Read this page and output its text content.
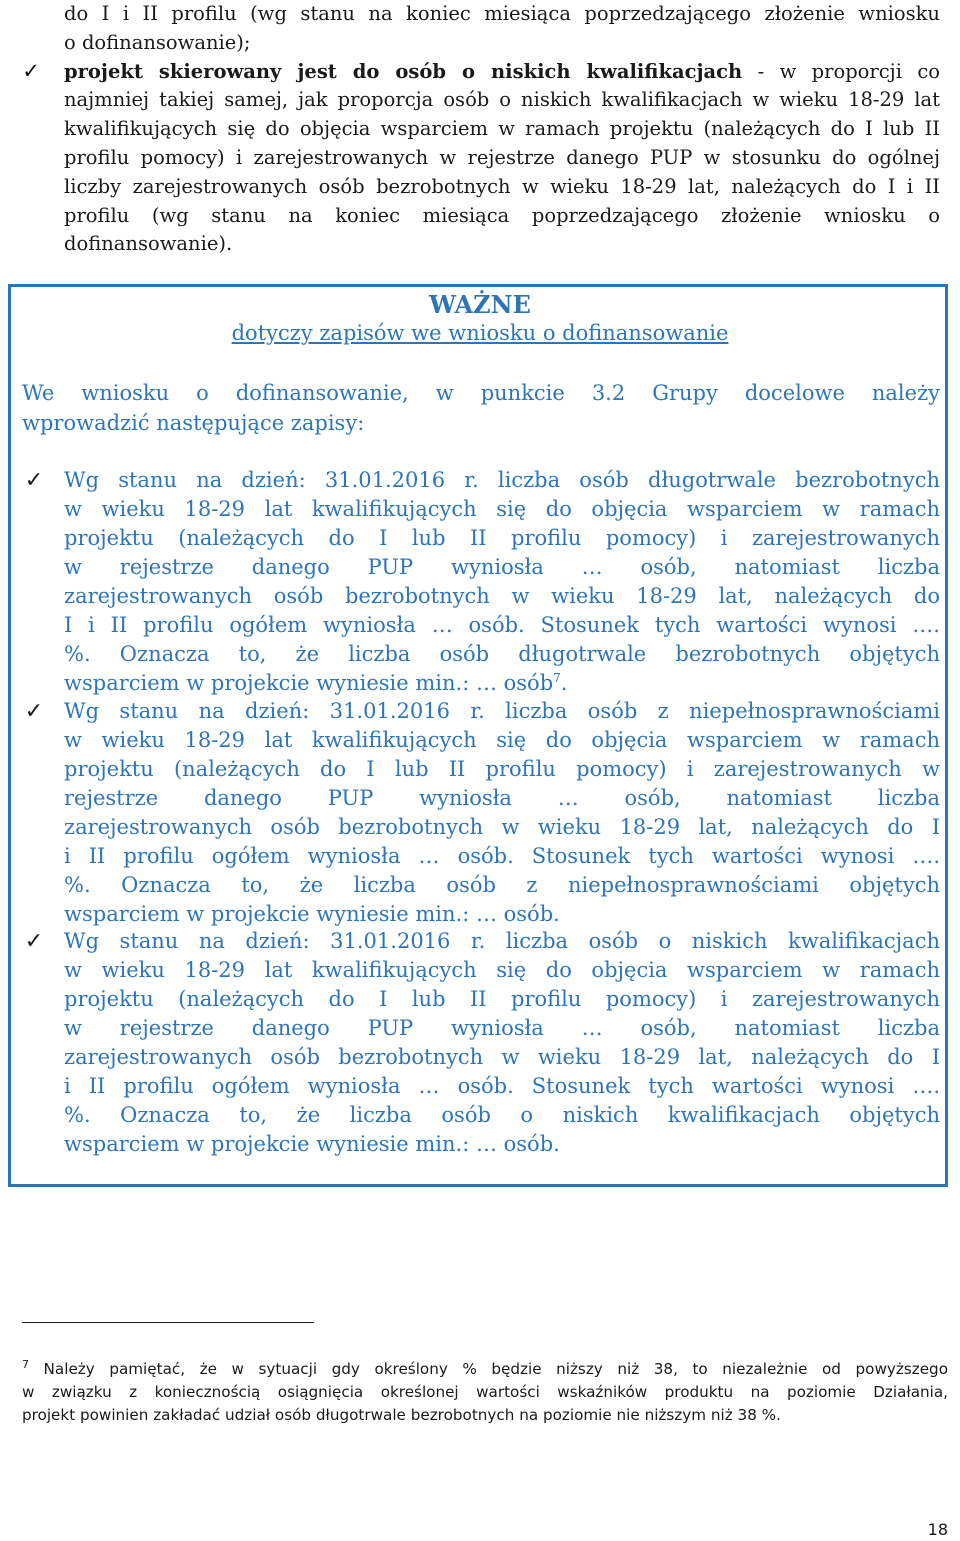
do I i II profilu (wg stanu na koniec miesiąca poprzedzającego złożenie wniosku
o dofinansowanie);
projekt skierowany jest do osób o niskich kwalifikacjach - w proporcji co
najmniej takiej samej, jak proporcja osób o niskich kwalifikacjach w wieku 18-29 lat
kwalifikujących się do objęcia wsparciem w ramach projektu (należących do I lub II
profilu pomocy) i zarejestrowanych w rejestrze danego PUP w stosunku do ogólnej
liczby zarejestrowanych osób bezrobotnych w wieku 18-29 lat, należących do I i II
profilu (wg stanu na koniec miesiąca poprzedzającego złożenie wniosku o
dofinansowanie).
✓
WAŻNE
dotyczy zapisów we wniosku o dofinansowanie
We wniosku o dofinansowanie, w punkcie 3.2 Grupy docelowe należy
wprowadzić następujące zapisy:
✓ Wg stanu na dzień: 31.01.2016 r. liczba osób długotrwale bezrobotnych
w wieku 18-29 lat kwalifikujących się do objęcia wsparciem w ramach
projektu (należących do I lub II profilu pomocy) i zarejestrowanych
w rejestrze danego PUP wyniosła … osób, natomiast liczba
zarejestrowanych osób bezrobotnych w wieku 18-29 lat, należących do
I i II profilu ogółem wyniosła … osób. Stosunek tych wartości wynosi ….
%. Oznacza to, że liczba osób długotrwale bezrobotnych objętych
wsparciem w projekcie wyniesie min.: … osób$^7$.
✓ Wg stanu na dzień: 31.01.2016 r. liczba osób z niepełnosprawnościami
w wieku 18-29 lat kwalifikujących się do objęcia wsparciem w ramach
projektu (należących do I lub II profilu pomocy) i zarejestrowanych w
rejestrze danego PUP wyniosła … osób, natomiast liczba
zarejestrowanych osób bezrobotnych w wieku 18-29 lat, należących do I
i II profilu ogółem wyniosła … osób. Stosunek tych wartości wynosi ….
%. Oznacza to, że liczba osób z niepełnosprawnościami objętych
wsparciem w projekcie wyniesie min.: … osób.
✓ Wg stanu na dzień: 31.01.2016 r. liczba osób o niskich kwalifikacjach
w wieku 18-29 lat kwalifikujących się do objęcia wsparciem w ramach
projektu (należących do I lub II profilu pomocy) i zarejestrowanych
w rejestrze danego PUP wyniosła … osób, natomiast liczba
zarejestrowanych osób bezrobotnych w wieku 18-29 lat, należących do I
i II profilu ogółem wyniosła … osób. Stosunek tych wartości wynosi ….
%. Oznacza to, że liczba osób o niskich kwalifikacjach objętych
wsparciem w projekcie wyniesie min.: … osób.
$^7$ Należy pamiętać, że w sytuacji gdy określony % będzie niższy niż 38, to niezależnie od powyższego
w związku z koniecznością osiągnięcia określonej wartości wskaźników produktu na poziomie Działania,
projekt powinien zakładać udział osób długotrwale bezrobotnych na poziomie nie niższym niż 38 %.
18
